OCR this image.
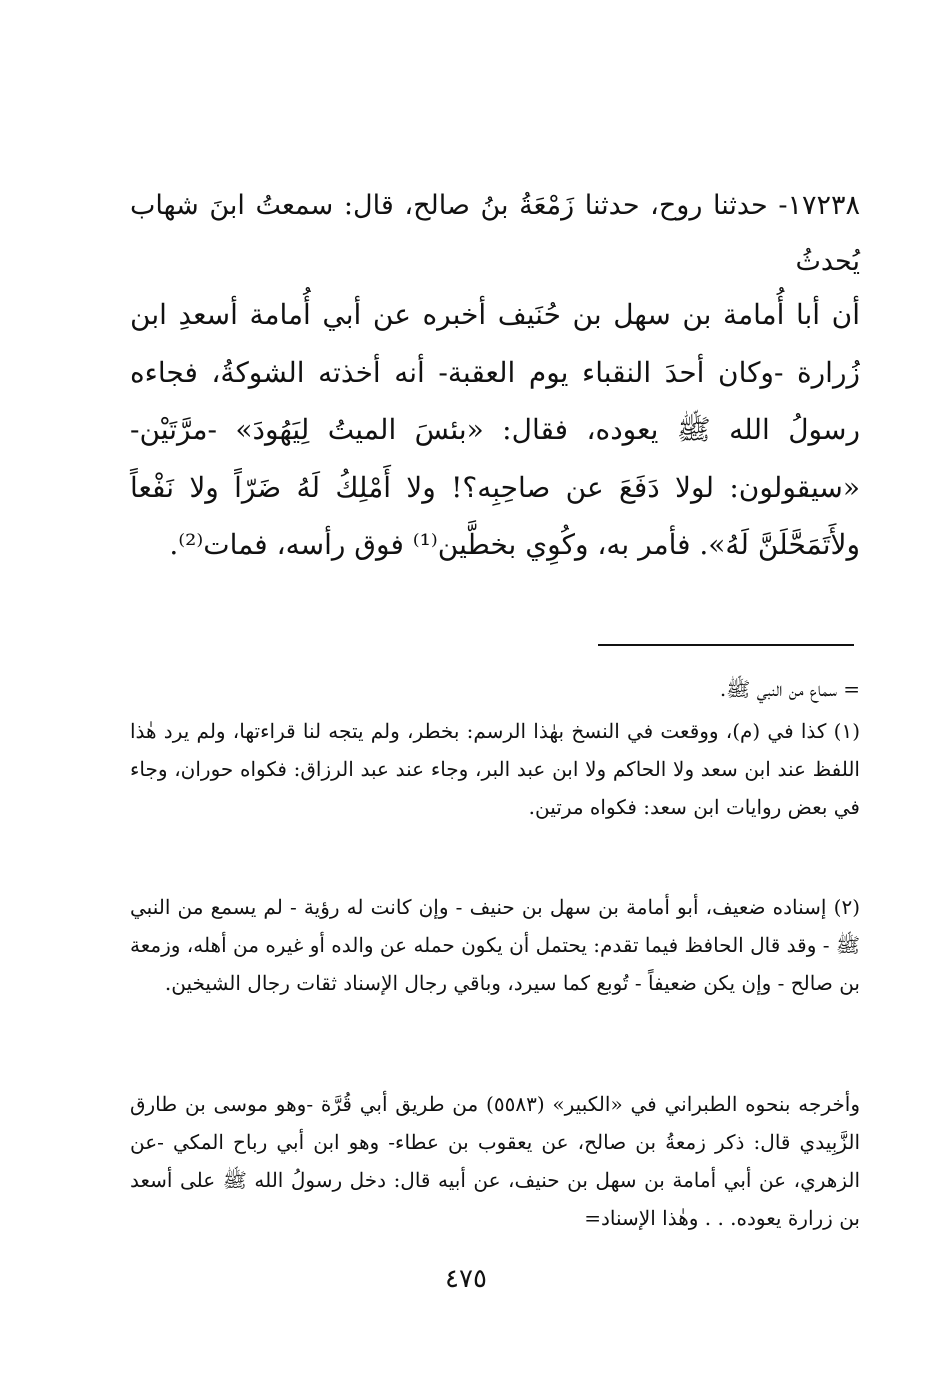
١٧٢٣٨- حدثنا روح، حدثنا زَمْعَةُ بنُ صالح، قال: سمعتُ ابنَ شهاب يُحدثُ
أن أبا أُمامة بن سهل بن حُنَيف أخبره عن أبي أُمامة أسعدِ ابن زُرارة -وكان أحدَ النقباء يوم العقبة- أنه أخذته الشوكةُ، فجاءه رسولُ الله ﷺ يعوده، فقال: «بئسَ الميتُ لِيَهُودَ» -مرَّتَيْن- «سيقولون: لولا دَفَعَ عن صاحِبِه؟! ولا أَمْلِكُ لَهُ ضَرّاً ولا نَفْعاً ولأَتَمَحَّلَنَّ لَهُ». فأمر به، وكُوِي بخطَّين⁽¹⁾ فوق رأسه، فمات⁽²⁾.

= سماع من النبي ﷺ.

(١) كذا في (م)، ووقعت في النسخ بهٰذا الرسم: بخطر، ولم يتجه لنا قراءتها، ولم يرد هٰذا اللفظ عند ابن سعد ولا الحاكم ولا ابن عبد البر، وجاء عند عبد الرزاق: فكواه حوران، وجاء في بعض روايات ابن سعد: فكواه مرتين.

(٢) إسناده ضعيف، أبو أمامة بن سهل بن حنيف - وإن كانت له رؤية - لم يسمع من النبي ﷺ - وقد قال الحافظ فيما تقدم: يحتمل أن يكون حمله عن والده أو غيره من أهله، وزمعة بن صالح - وإن يكن ضعيفاً - تُوبع كما سيرد، وباقي رجال الإسناد ثقات رجال الشيخين.

وأخرجه بنحوه الطبراني في «الكبير» (٥٥٨٣) من طريق أبي قُرَّة -وهو موسى بن طارق الزَّبِيدي قال: ذكر زمعةُ بن صالح، عن يعقوب بن عطاء- وهو ابن أبي رباح المكي -عن الزهري، عن أبي أمامة بن سهل بن حنيف، عن أبيه قال: دخل رسولُ الله ﷺ على أسعد بن زرارة يعوده. . . وهٰذا الإسناد=

٤٧٥
